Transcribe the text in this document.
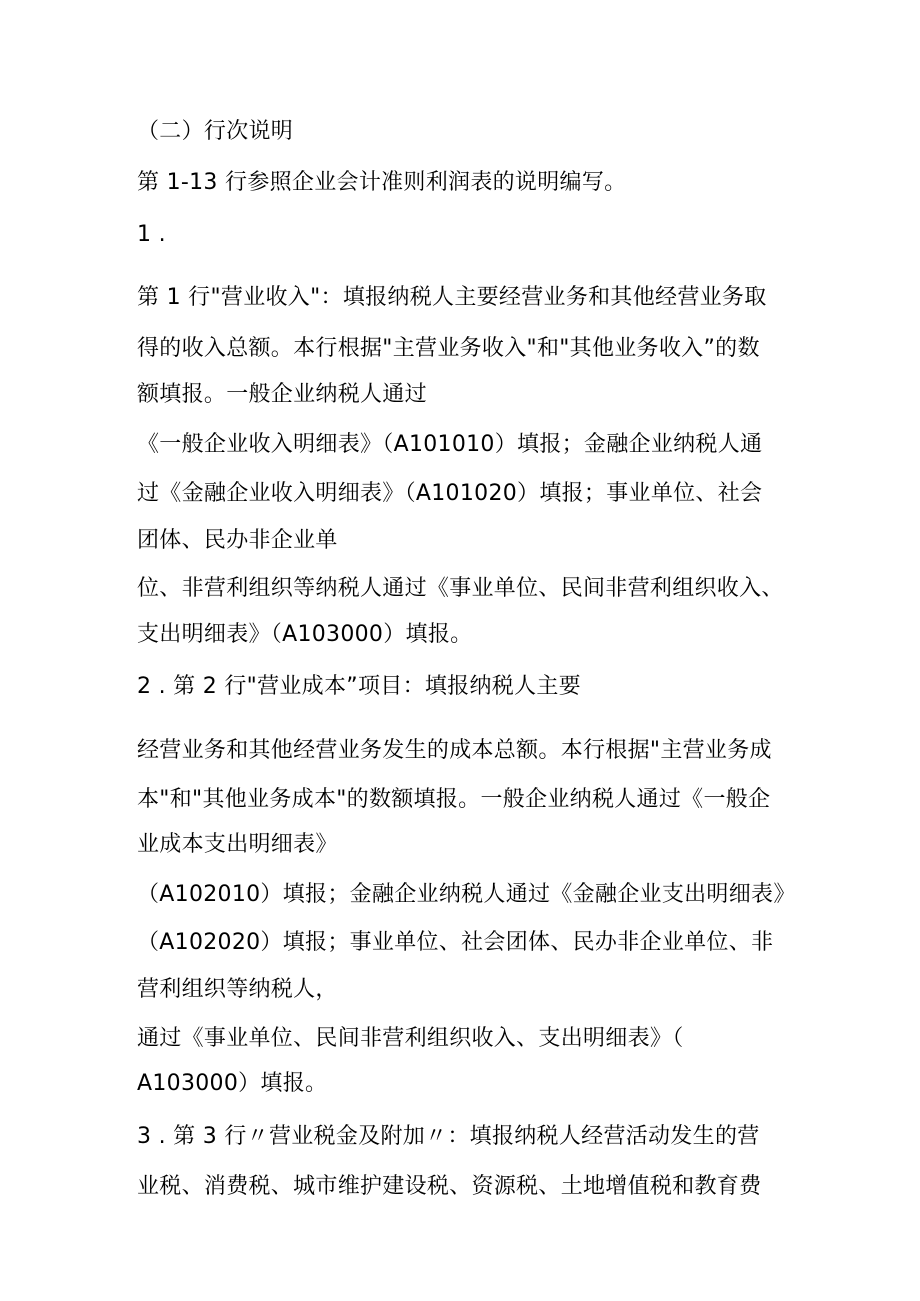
（二）行次说明
第 1-13 行参照企业会计准则利润表的说明编写。
1 .
第 1 行"营业收入"：填报纳税人主要经营业务和其他经营业务取
得的收入总额。本行根据"主营业务收入"和"其他业务收入”的数
额填报。一般企业纳税人通过
《一般企业收入明细表》（A101010）填报；金融企业纳税人通
过《金融企业收入明细表》（A101020）填报；事业单位、社会
团体、民办非企业单
位、非营利组织等纳税人通过《事业单位、民间非营利组织收入、
支出明细表》（A103000）填报。
2 . 第 2 行"营业成本”项目：填报纳税人主要
经营业务和其他经营业务发生的成本总额。本行根据"主营业务成
本"和"其他业务成本"的数额填报。一般企业纳税人通过《一般企
业成本支出明细表》
（A102010）填报；金融企业纳税人通过《金融企业支出明细表》
（A102020）填报；事业单位、社会团体、民办非企业单位、非
营利组织等纳税人，
通过《事业单位、民间非营利组织收入、支出明细表》（
A103000）填报。
3 . 第 3 行〃营业税金及附加〃：填报纳税人经营活动发生的营
业税、消费税、城市维护建设税、资源税、土地增值税和教育费
